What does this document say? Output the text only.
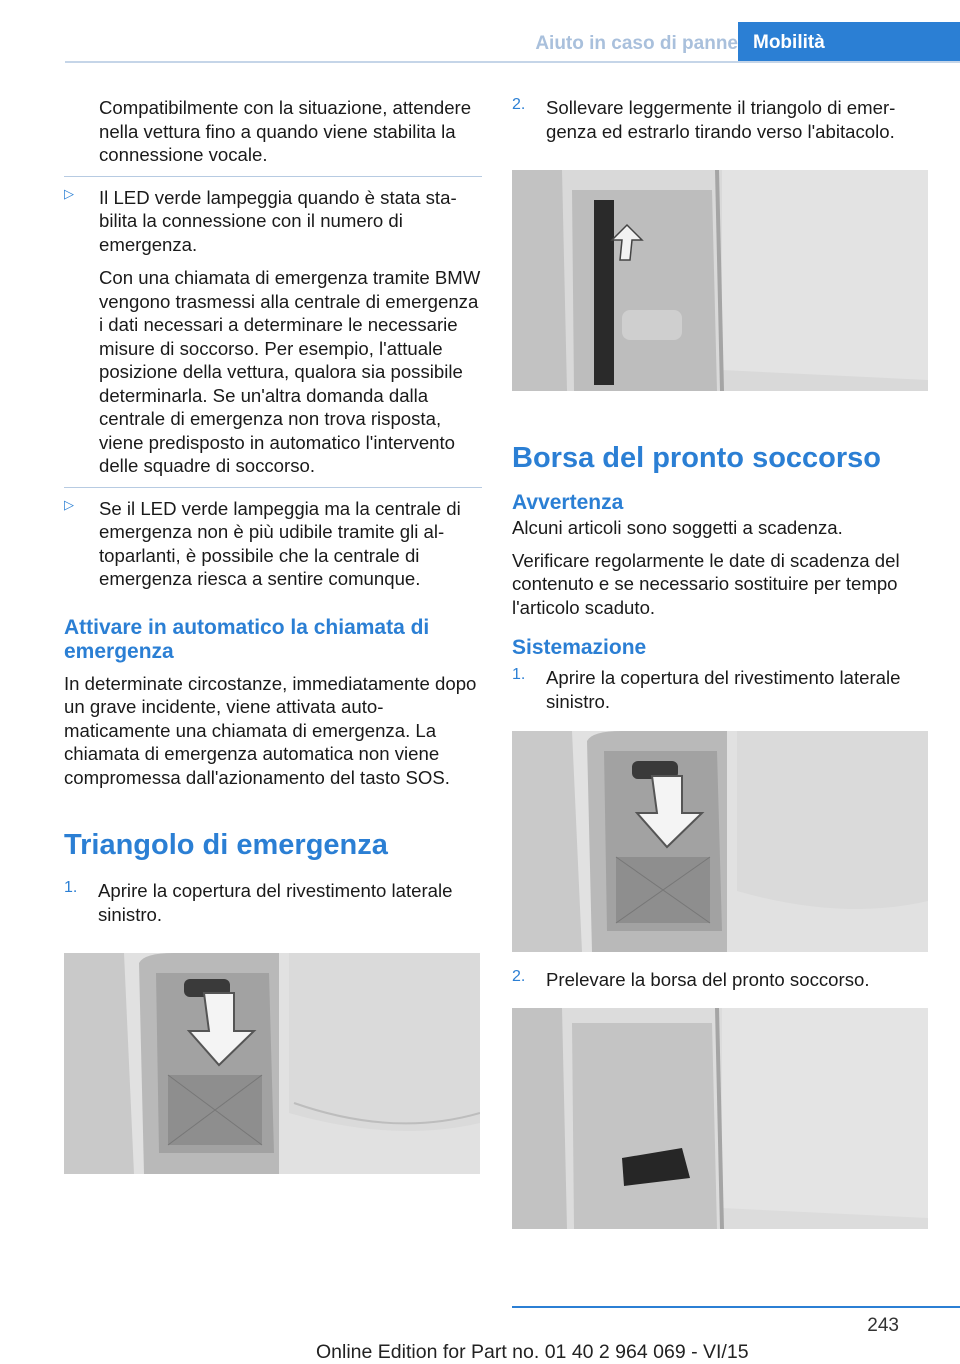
Aiuto in caso di panne Mobilità

Compatibilmente con la situazione, attendere nella vettura fino a quando viene stabilita la connessione vocale.

▷ Il LED verde lampeggia quando è stata stabilita la connessione con il numero di emergenza.

Con una chiamata di emergenza tramite BMW vengono trasmessi alla centrale di emergenza i dati necessari a determinare le necessarie misure di soccorso. Per esempio, l'attuale posizione della vettura, qualora sia possibile determinarla. Se un'altra domanda dalla centrale di emergenza non trova risposta, viene predisposto in automatico l'intervento delle squadre di soccorso.

▷ Se il LED verde lampeggia ma la centrale di emergenza non è più udibile tramite gli altoparlanti, è possibile che la centrale di emergenza riesca a sentire comunque.

Attivare in automatico la chiamata di emergenza

In determinate circostanze, immediatamente dopo un grave incidente, viene attivata automaticamente una chiamata di emergenza. La chiamata di emergenza automatica non viene compromessa dall'azionamento del tasto SOS.

Triangolo di emergenza
1. Aprire la copertura del rivestimento laterale sinistro.

2. Sollevare leggermente il triangolo di emergenza ed estrarlo tirando verso l'abitacolo.

Borsa del pronto soccorso
Avvertenza

Alcuni articoli sono soggetti a scadenza.

Verificare regolarmente le date di scadenza del contenuto e se necessario sostituire per tempo l'articolo scaduto.

Sistemazione
1. Aprire la copertura del rivestimento laterale sinistro.

2. Prelevare la borsa del pronto soccorso.

243
Online Edition for Part no. 01 40 2 964 069 - VI/15
